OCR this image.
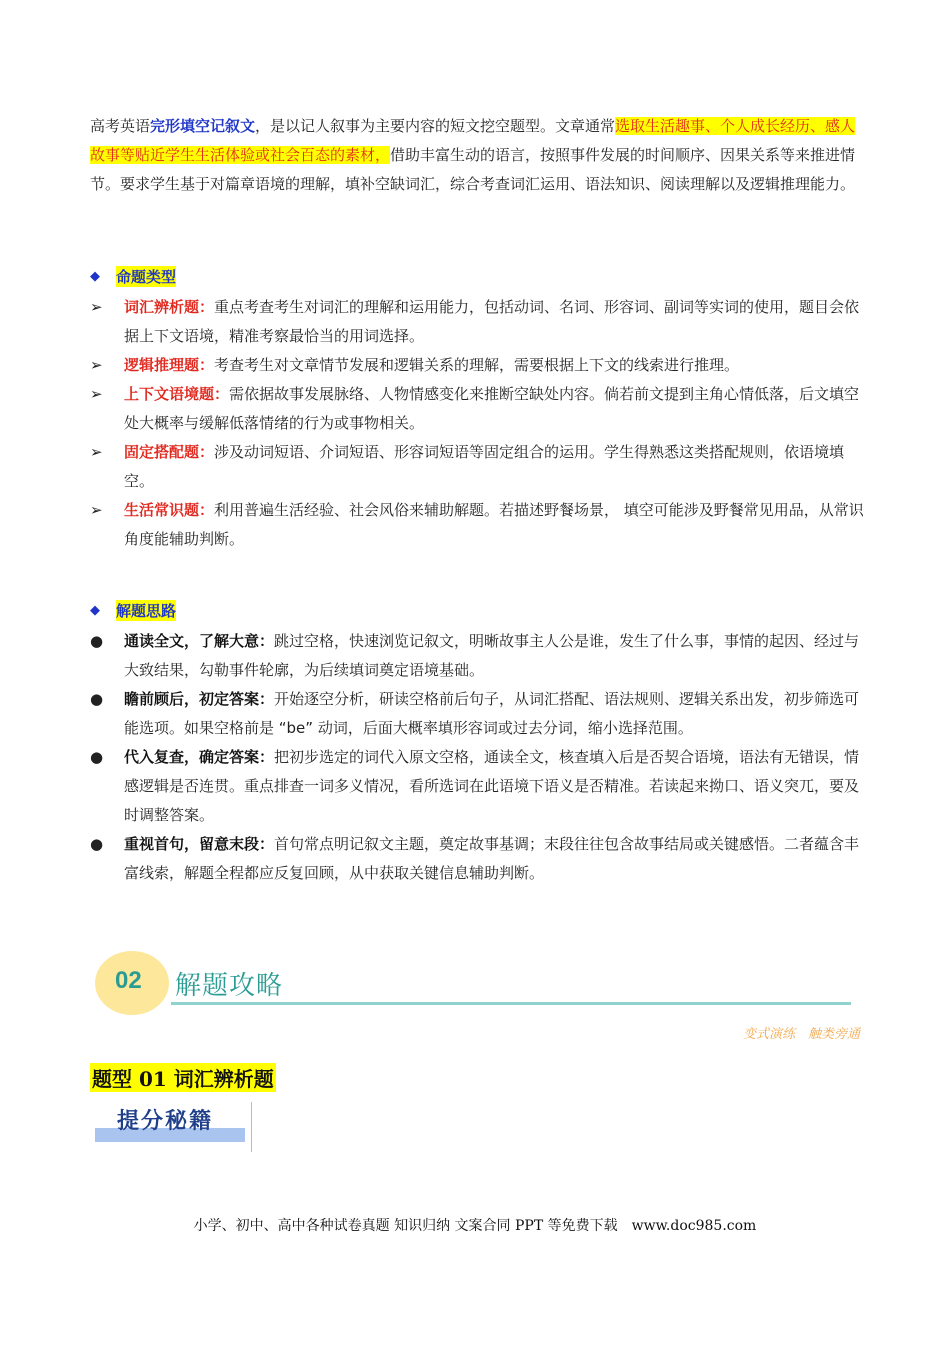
高考英语完形填空记叙文，是以记人叙事为主要内容的短文挖空题型。文章通常选取生活趣事、个人成长经历、感人故事等贴近学生生活体验或社会百态的素材，借助丰富生动的语言，按照事件发展的时间顺序、因果关系等来推进情节。要求学生基于对篇章语境的理解，填补空缺词汇，综合考查词汇运用、语法知识、阅读理解以及逻辑推理能力。
◆	命题类型
➢	词汇辨析题：重点考查考生对词汇的理解和运用能力，包括动词、名词、形容词、副词等实词的使用，题目会依据上下文语境，精准考察最恰当的用词选择。
➢	逻辑推理题：考查考生对文章情节发展和逻辑关系的理解，需要根据上下文的线索进行推理。
➢	上下文语境题：需依据故事发展脉络、人物情感变化来推断空缺处内容。倘若前文提到主角心情低落，后文填空处大概率与缓解低落情绪的行为或事物相关。
➢	固定搭配题：涉及动词短语、介词短语、形容词短语等固定组合的运用。学生得熟悉这类搭配规则，依语境填空。
➢	生活常识题：利用普遍生活经验、社会风俗来辅助解题。若描述野餐场景， 填空可能涉及野餐常见用品，从常识角度能辅助判断。
◆	解题思路
●	通读全文，了解大意：跳过空格，快速浏览记叙文，明晰故事主人公是谁，发生了什么事，事情的起因、经过与大致结果，勾勒事件轮廓，为后续填词奠定语境基础。
●	瞻前顾后，初定答案：开始逐空分析，研读空格前后句子，从词汇搭配、语法规则、逻辑关系出发，初步筛选可能选项。如果空格前是 “be” 动词，后面大概率填形容词或过去分词，缩小选择范围。
●	代入复查，确定答案：把初步选定的词代入原文空格，通读全文，核查填入后是否契合语境，语法有无错误，情感逻辑是否连贯。重点排查一词多义情况，看所选词在此语境下语义是否精准。若读起来拗口、语义突兀，要及时调整答案。
●	重视首句，留意末段：首句常点明记叙文主题，奠定故事基调；末段往往包含故事结局或关键感悟。二者蕴含丰富线索，解题全程都应反复回顾，从中获取关键信息辅助判断。
02 解题攻略
变式演练　触类旁通
题型 01 词汇辨析题
提分秘籍
小学、初中、高中各种试卷真题 知识归纳 文案合同 PPT 等免费下载　www.doc985.com
